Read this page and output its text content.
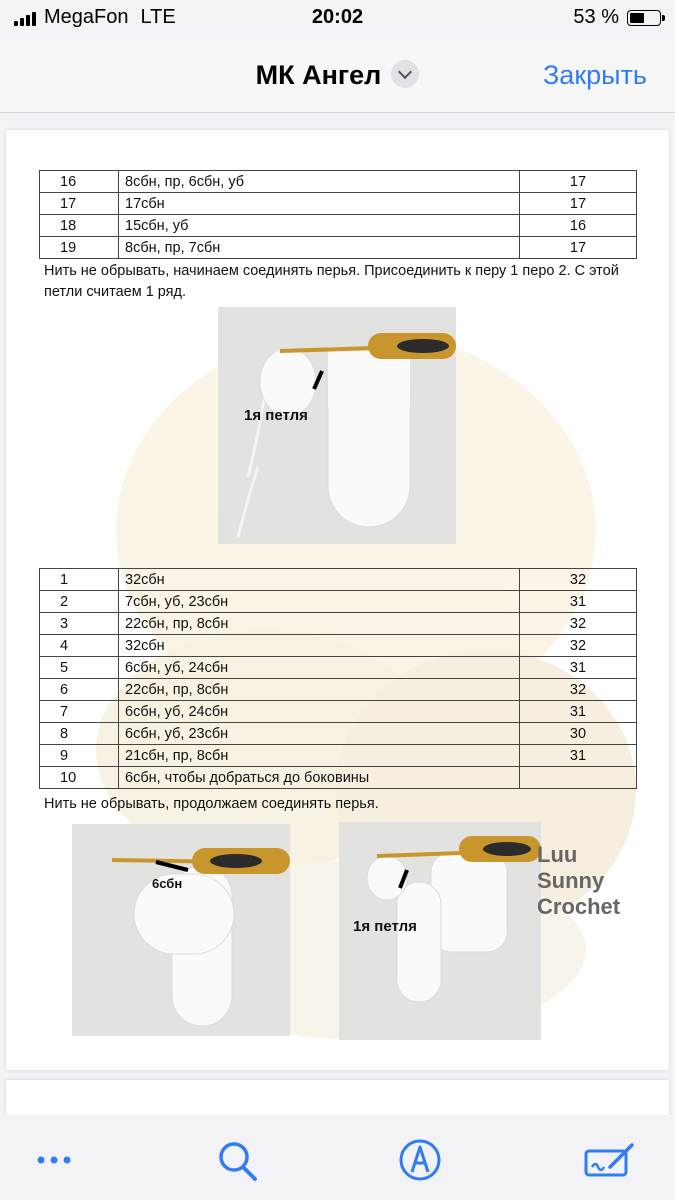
MegaFon LTE	20:02	53 %
МК Ангел	Закрыть
16	8сбн, пр, 6сбн, уб	17
17	17сбн	17
18	15сбн, уб	16
19	8сбн, пр, 7сбн	17
Нить не обрывать, начинаем соединять перья. Присоединить к перу 1 перо 2. С этой петли считаем 1 ряд.
1я петля
1	32сбн	32
2	7сбн, уб, 23сбн	31
3	22сбн, пр, 8сбн	32
4	32сбн	32
5	6сбн, уб, 24сбн	31
6	22сбн, пр, 8сбн	32
7	6сбн, уб, 24сбн	31
8	6сбн, уб, 23сбн	30
9	21сбн, пр, 8сбн	31
10	6сбн, чтобы добраться до боковины	
Нить не обрывать, продолжаем соединять перья.
6сбн
1я петля
Luu
Sunny
Crochet
